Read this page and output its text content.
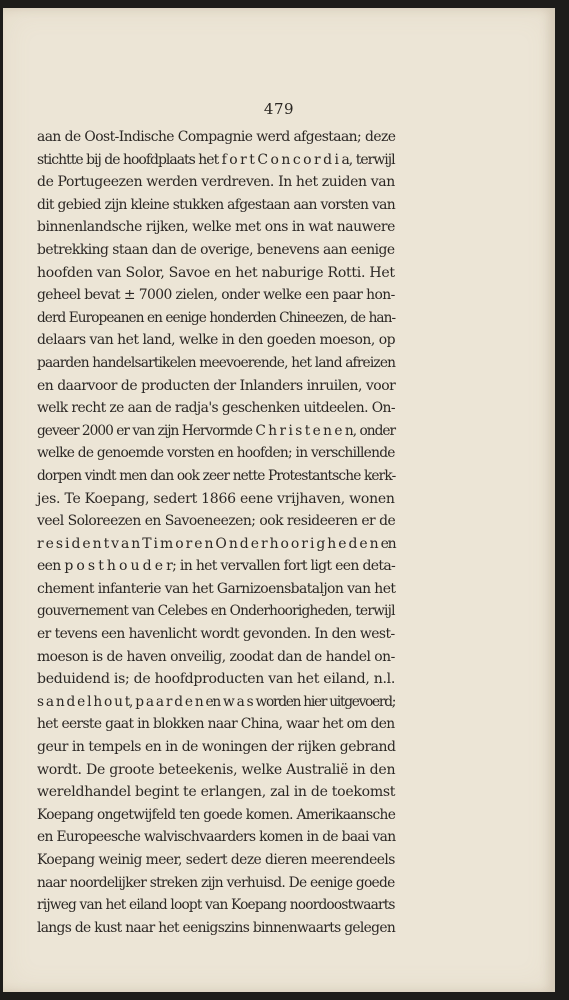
479
aan de Oost-Indische Compagnie werd afgestaan; deze
stichtte bij de hoofdplaats het f o r t C o n c o r d i a, terwijl
de Portugeezen werden verdreven. In het zuiden van
dit gebied zijn kleine stukken afgestaan aan vorsten van
binnenlandsche rijken, welke met ons in wat nauwere
betrekking staan dan de overige, benevens aan eenige
hoofden van Solor, Savoe en het naburige Rotti. Het
geheel bevat ± 7000 zielen, onder welke een paar hon-
derd Europeanen en eenige honderden Chineezen, de han-
delaars van het land, welke in den goeden moeson, op
paarden handelsartikelen meevoerende, het land afreizen
en daarvoor de producten der Inlanders inruilen, voor
welk recht ze aan de radja's geschenken uitdeelen. On-
geveer 2000 er van zijn Hervormde C h r i s t e n e n, onder
welke de genoemde vorsten en hoofden; in verschillende
dorpen vindt men dan ook zeer nette Protestantsche kerk-
jes. Te Koepang, sedert 1866 eene vrijhaven, wonen
veel Soloreezen en Savoeneezen; ook resideeren er de
r e s i d e n t v a n T i m o r e n O n d e r h o o r i g h e d e n en
een p o s t h o u d e r; in het vervallen fort ligt een deta-
chement infanterie van het Garnizoensbataljon van het
gouvernement van Celebes en Onderhoorigheden, terwijl
er tevens een havenlicht wordt gevonden. In den west-
moeson is de haven onveilig, zoodat dan de handel on-
beduidend is; de hoofdproducten van het eiland, n.l.
s a n d e l h o u t, p a a r d e n en w a s worden hier uitgevoerd;
het eerste gaat in blokken naar China, waar het om den
geur in tempels en in de woningen der rijken gebrand
wordt. De groote beteekenis, welke Australië in den
wereldhandel begint te erlangen, zal in de toekomst
Koepang ongetwijfeld ten goede komen. Amerikaansche
en Europeesche walvischvaarders komen in de baai van
Koepang weinig meer, sedert deze dieren meerendeels
naar noordelijker streken zijn verhuisd. De eenige goede
rijweg van het eiland loopt van Koepang noordoostwaarts
langs de kust naar het eenigszins binnenwaarts gelegen
